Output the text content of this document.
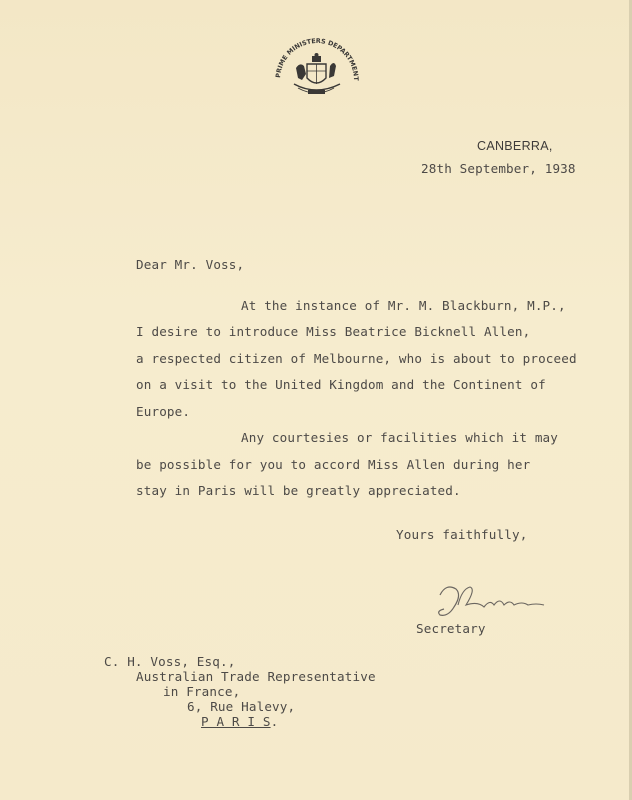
PRIME MINISTERS DEPARTMENT
CANBERRA,
28th September, 1938
Dear Mr. Voss,
At the instance of Mr. M. Blackburn, M.P.,
I desire to introduce Miss Beatrice Bicknell Allen,
a respected citizen of Melbourne, who is about to proceed
on a visit to the United Kingdom and the Continent of
Europe.
Any courtesies or facilities which it may
be possible for you to accord Miss Allen during her
stay in Paris will be greatly appreciated.
Yours faithfully,
Secretary
C. H. Voss, Esq.,
Australian Trade Representative
in France,
6, Rue Halevy,
P A R I S.
